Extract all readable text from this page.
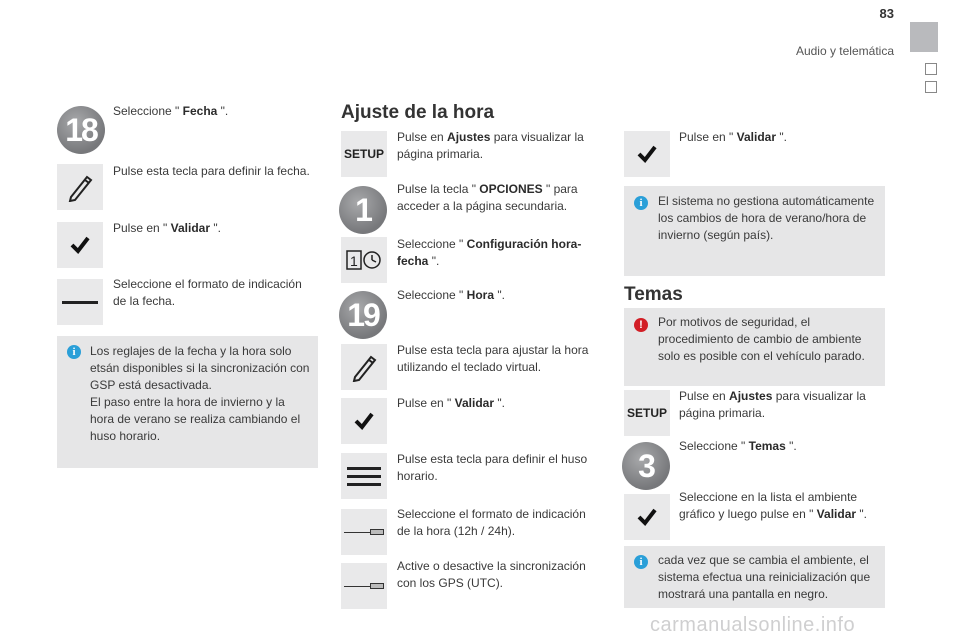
83
Audio y telemática
18
Seleccione " Fecha ".
Pulse esta tecla para definir la fecha.
Pulse en " Validar ".
Seleccione el formato de indicación de la fecha.
i	Los reglajes de la fecha y la hora solo etsán disponibles si la sincronización con GSP está desactivada.
El paso entre la hora de invierno y la hora de verano se realiza cambiando el huso horario.
Ajuste de la hora
SETUP
Pulse en Ajustes para visualizar la página primaria.
1
Pulse la tecla " OPCIONES " para acceder a la página secundaria.
1
Seleccione " Configuración hora-fecha ".
19
Seleccione " Hora ".
Pulse esta tecla para ajustar la hora utilizando el teclado virtual.
Pulse en " Validar ".
Pulse esta tecla para definir el huso horario.
Seleccione el formato de indicación de la hora (12h / 24h).
Active o desactive la sincronización con los GPS (UTC).
Pulse en " Validar ".
i	El sistema no gestiona automáticamente los cambios de hora de verano/hora de invierno (según país).
Temas
!	Por motivos de seguridad, el procedimiento de cambio de ambiente solo es posible con el vehículo parado.
SETUP
Pulse en Ajustes para visualizar la página primaria.
3
Seleccione " Temas ".
Seleccione en la lista el ambiente gráfico y luego pulse en " Validar ".
i	cada vez que se cambia el ambiente, el sistema efectua una reinicialización que mostrará una pantalla en negro.
carmanualsonline.info
